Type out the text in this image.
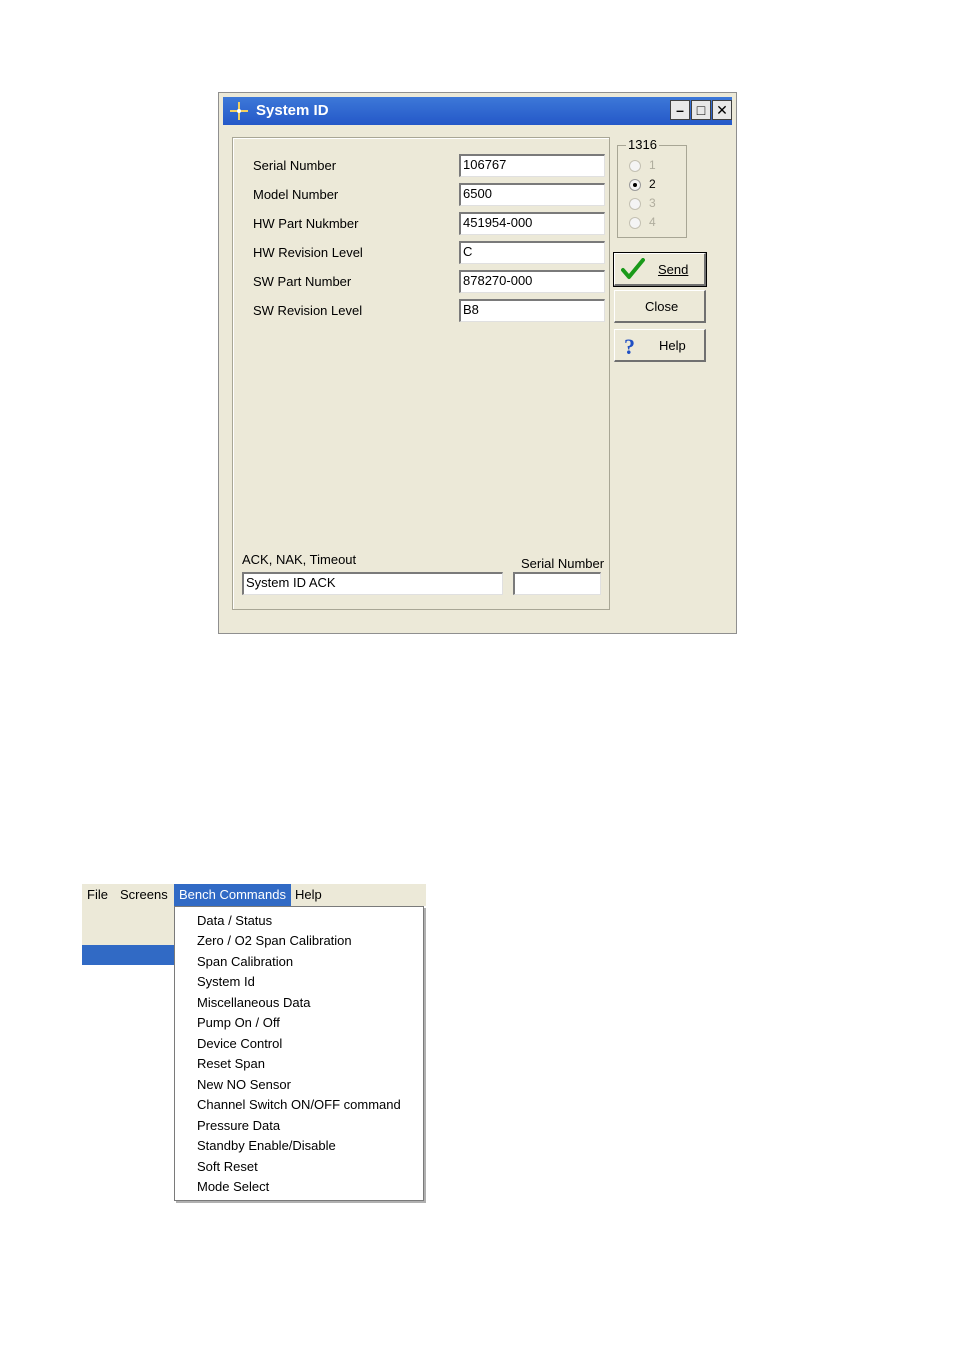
System ID	– □ ✕
Serial Number	106767
Model Number	6500
HW Part Nukmber	451954-000
HW Revision Level	C
SW Part Number	878270-000
SW Revision Level	B8
ACK, NAK, Timeout
System ID ACK
Serial Number
1316
1
2
3
4
Send
Close
? Help
File Screens Bench Commands Help
Data / Status
Zero / O2 Span Calibration
Span Calibration
System Id
Miscellaneous Data
Pump On / Off
Device Control
Reset Span
New NO Sensor
Channel Switch ON/OFF command
Pressure Data
Standby Enable/Disable
Soft Reset
Mode Select
